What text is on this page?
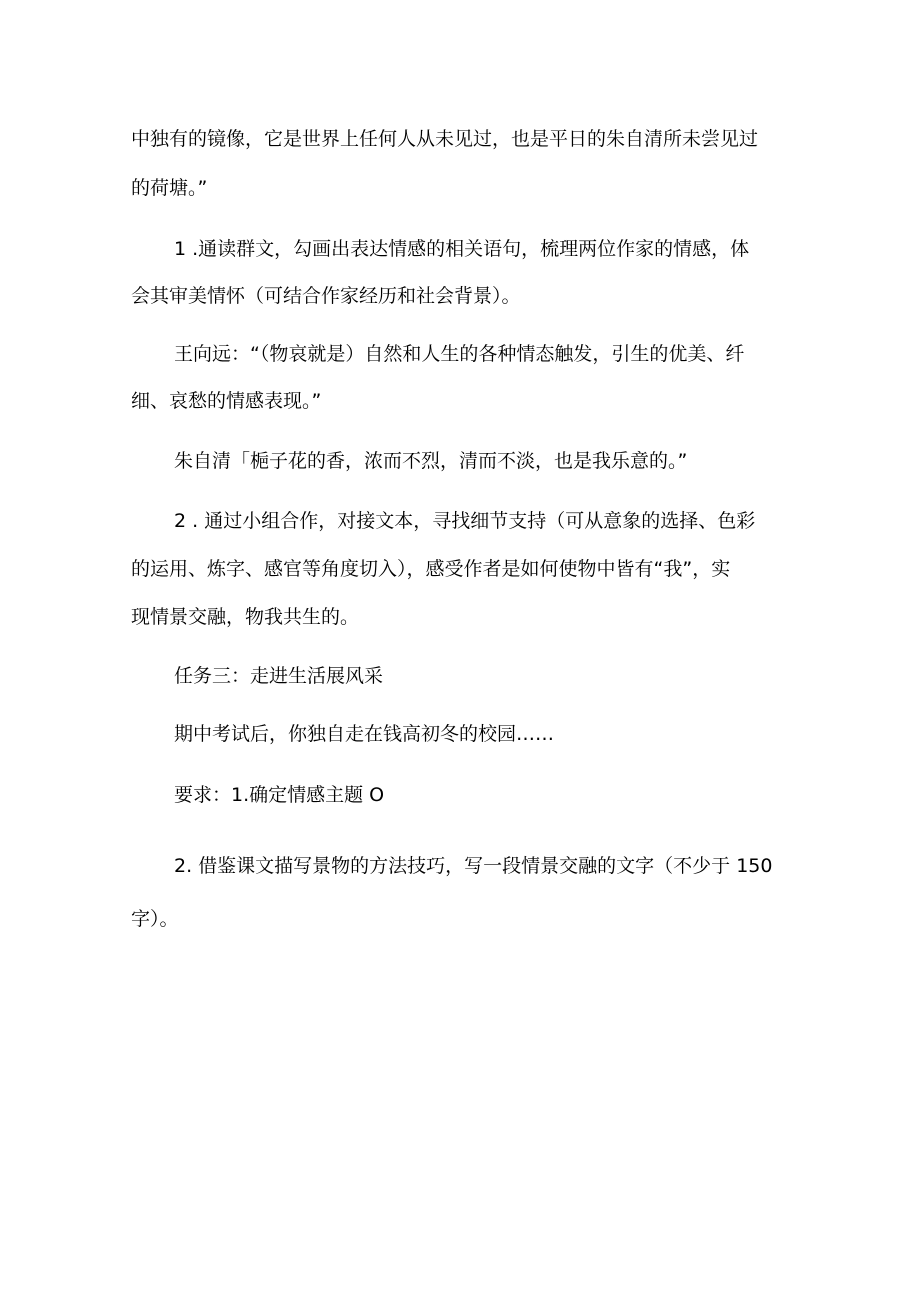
中独有的镜像，它是世界上任何人从未见过，也是平日的朱自清所未尝见过

的荷塘。”

1 .通读群文，勾画出表达情感的相关语句，梳理两位作家的情感，体

会其审美情怀（可结合作家经历和社会背景）。

王向远：“（物哀就是）自然和人生的各种情态触发，引生的优美、纤

细、哀愁的情感表现。”

朱自清「梔子花的香，浓而不烈，清而不淡，也是我乐意的。”

2 . 通过小组合作，对接文本，寻找细节支持（可从意象的选择、色彩

的运用、炼字、感官等角度切入），感受作者是如何使物中皆有“我”，实

现情景交融，物我共生的。

任务三：走进生活展风采

期中考试后，你独自走在钱高初冬的校园……

要求：1.确定情感主题 O

2. 借鉴课文描写景物的方法技巧，写一段情景交融的文字（不少于 150

字）。
